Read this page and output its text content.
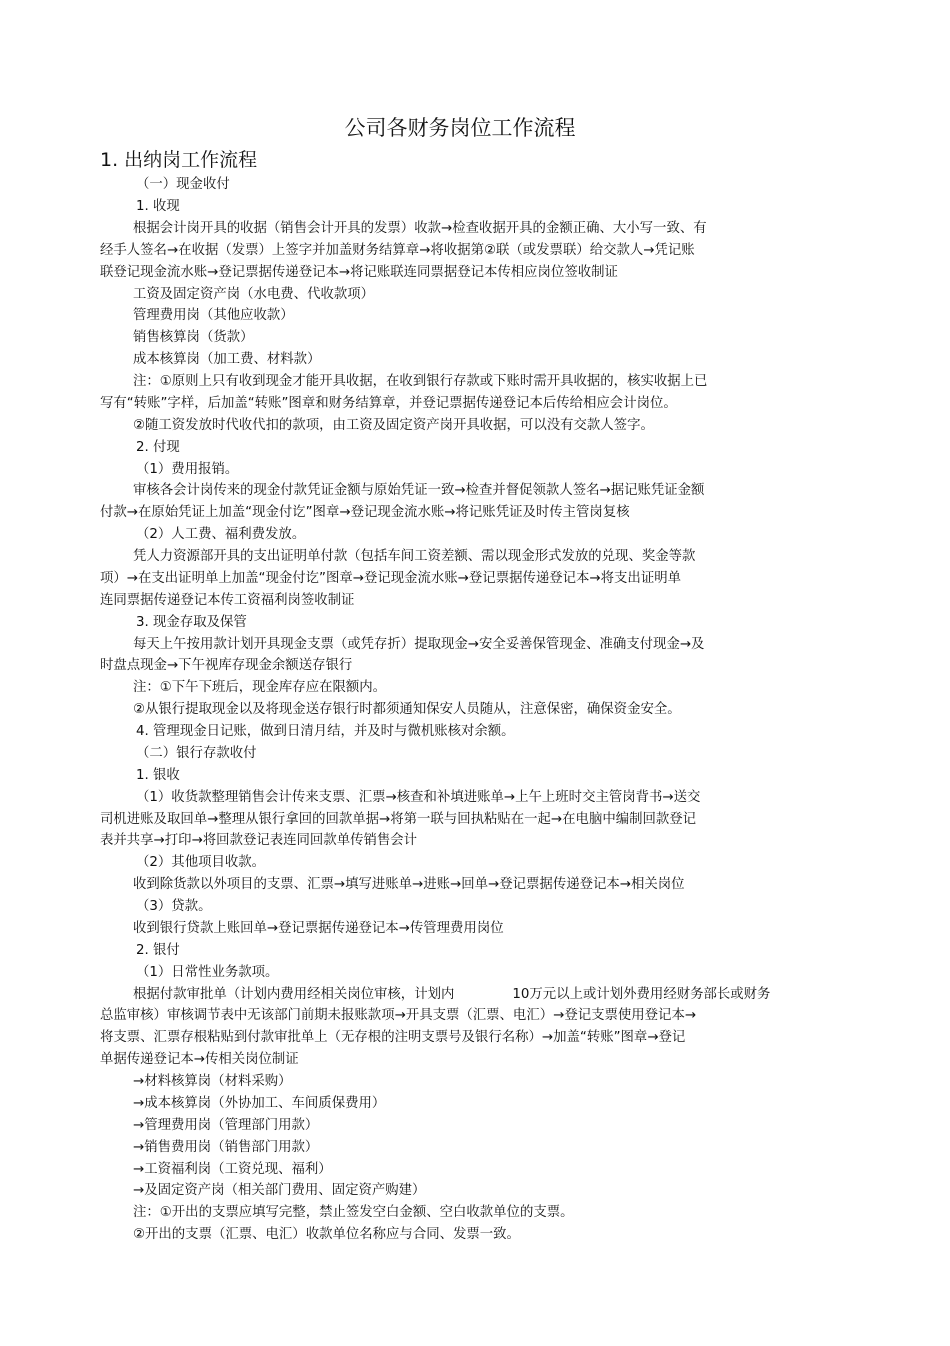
公司各财务岗位工作流程
1. 出纳岗工作流程
（一）现金收付
1. 收现
根据会计岗开具的收据（销售会计开具的发票）收款→检查收据开具的金额正确、大小写一致、有
经手人签名→在收据（发票）上签字并加盖财务结算章→将收据第②联（或发票联）给交款人→凭记账
联登记现金流水账→登记票据传递登记本→将记账联连同票据登记本传相应岗位签收制证
工资及固定资产岗（水电费、代收款项）
管理费用岗（其他应收款）
销售核算岗（货款）
成本核算岗（加工费、材料款）
注：①原则上只有收到现金才能开具收据，在收到银行存款或下账时需开具收据的，核实收据上已
写有“转账”字样，后加盖“转账”图章和财务结算章，并登记票据传递登记本后传给相应会计岗位。
②随工资发放时代收代扣的款项，由工资及固定资产岗开具收据，可以没有交款人签字。
2. 付现
（1）费用报销。
审核各会计岗传来的现金付款凭证金额与原始凭证一致→检查并督促领款人签名→据记账凭证金额
付款→在原始凭证上加盖“现金付讫”图章→登记现金流水账→将记账凭证及时传主管岗复核
（2）人工费、福利费发放。
凭人力资源部开具的支出证明单付款（包括车间工资差额、需以现金形式发放的兑现、奖金等款
项）→在支出证明单上加盖“现金付讫”图章→登记现金流水账→登记票据传递登记本→将支出证明单
连同票据传递登记本传工资福利岗签收制证
3. 现金存取及保管
每天上午按用款计划开具现金支票（或凭存折）提取现金→安全妥善保管现金、准确支付现金→及
时盘点现金→下午视库存现金余额送存银行
注：①下午下班后，现金库存应在限额内。
②从银行提取现金以及将现金送存银行时都须通知保安人员随从，注意保密，确保资金安全。
4. 管理现金日记账，做到日清月结，并及时与微机账核对余额。
（二）银行存款收付
1. 银收
（1）收货款整理销售会计传来支票、汇票→核查和补填进账单→上午上班时交主管岗背书→送交
司机进账及取回单→整理从银行拿回的回款单据→将第一联与回执粘贴在一起→在电脑中编制回款登记
表并共享→打印→将回款登记表连同回款单传销售会计
（2）其他项目收款。
收到除货款以外项目的支票、汇票→填写进账单→进账→回单→登记票据传递登记本→相关岗位
（3）贷款。
收到银行贷款上账回单→登记票据传递登记本→传管理费用岗位
2. 银付
（1）日常性业务款项。
根据付款审批单（计划内费用经相关岗位审核，计划内	10万元以上或计划外费用经财务部长或财务
总监审核）审核调节表中无该部门前期未报账款项→开具支票（汇票、电汇）→登记支票使用登记本→
将支票、汇票存根粘贴到付款审批单上（无存根的注明支票号及银行名称）→加盖“转账”图章→登记
单据传递登记本→传相关岗位制证
→材料核算岗（材料采购）
→成本核算岗（外协加工、车间质保费用）
→管理费用岗（管理部门用款）
→销售费用岗（销售部门用款）
→工资福利岗（工资兑现、福利）
→及固定资产岗（相关部门费用、固定资产购建）
注：①开出的支票应填写完整，禁止签发空白金额、空白收款单位的支票。
②开出的支票（汇票、电汇）收款单位名称应与合同、发票一致。
